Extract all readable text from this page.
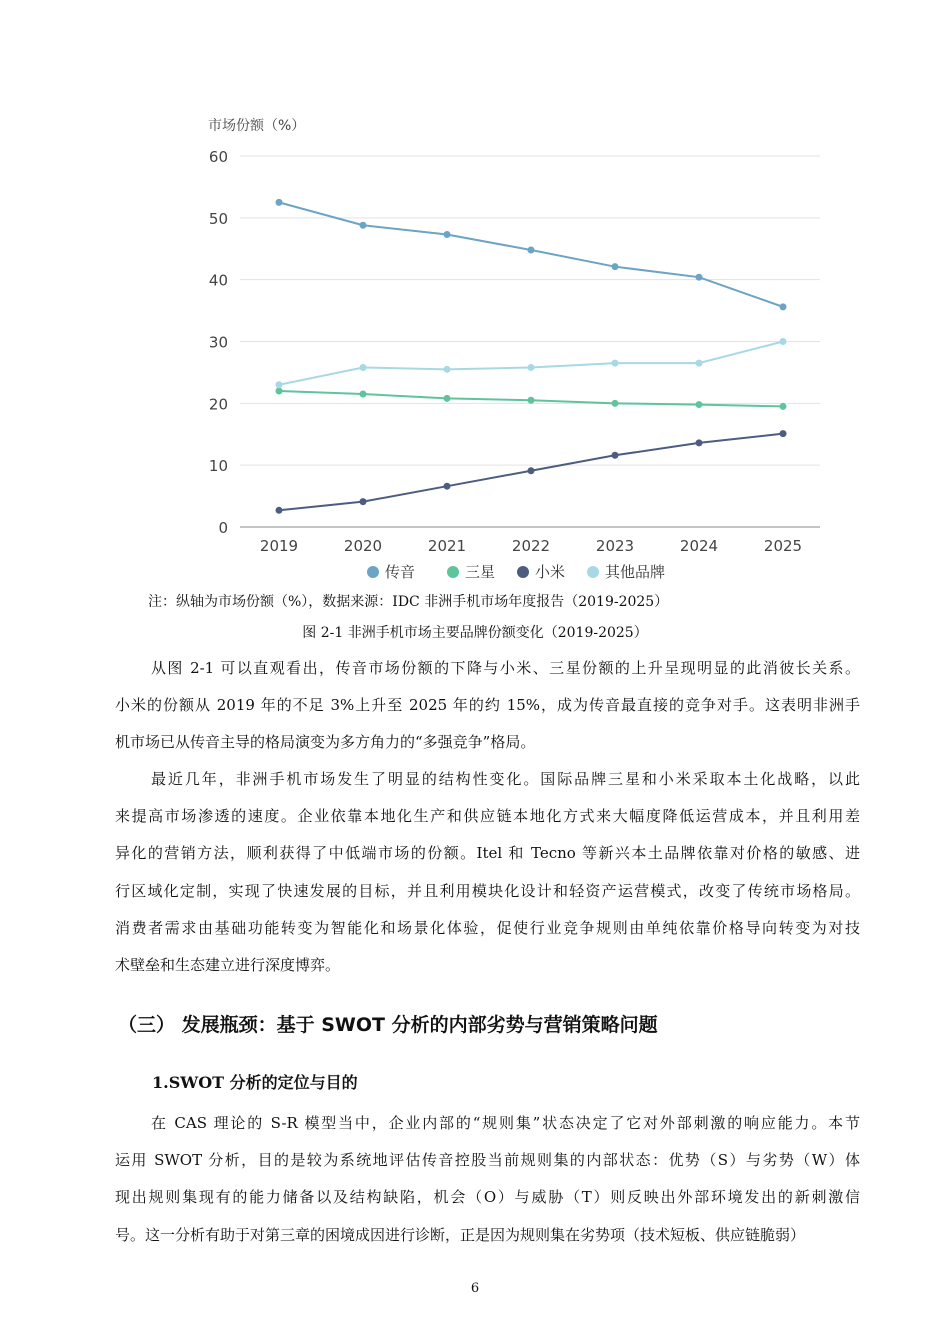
0
10
20
30
40
50
60
市场份额（%）
2019	2020	2021	2022	2023	2024	2025
传音	三星	小米	其他品牌
注：纵轴为市场份额（%），数据来源：IDC 非洲手机市场年度报告（2019-2025）
图 2-1 非洲手机市场主要品牌份额变化（2019-2025）
从图 2-1 可以直观看出，传音市场份额的下降与小米、三星份额的上升呈现明显的此消彼长关系。
小米的份额从 2019 年的不足 3%上升至 2025 年的约 15%，成为传音最直接的竞争对手。这表明非洲手
机市场已从传音主导的格局演变为多方角力的“多强竞争”格局。
最近几年，非洲手机市场发生了明显的结构性变化。国际品牌三星和小米采取本土化战略，以此
来提高市场渗透的速度。企业依靠本地化生产和供应链本地化方式来大幅度降低运营成本，并且利用差
异化的营销方法，顺利获得了中低端市场的份额。Itel 和 Tecno 等新兴本土品牌依靠对价格的敏感、进
行区域化定制，实现了快速发展的目标，并且利用模块化设计和轻资产运营模式，改变了传统市场格局。
消费者需求由基础功能转变为智能化和场景化体验，促使行业竞争规则由单纯依靠价格导向转变为对技
术壁垒和生态建立进行深度博弈。
（三） 发展瓶颈：基于 SWOT 分析的内部劣势与营销策略问题
1.SWOT 分析的定位与目的
在 CAS 理论的 S-R 模型当中，企业内部的“规则集”状态决定了它对外部刺激的响应能力。本节
运用 SWOT 分析，目的是较为系统地评估传音控股当前规则集的内部状态：优势（S）与劣势（W）体
现出规则集现有的能力储备以及结构缺陷，机会（O）与威胁（T）则反映出外部环境发出的新刺激信
号。这一分析有助于对第三章的困境成因进行诊断，正是因为规则集在劣势项（技术短板、供应链脆弱）
6
